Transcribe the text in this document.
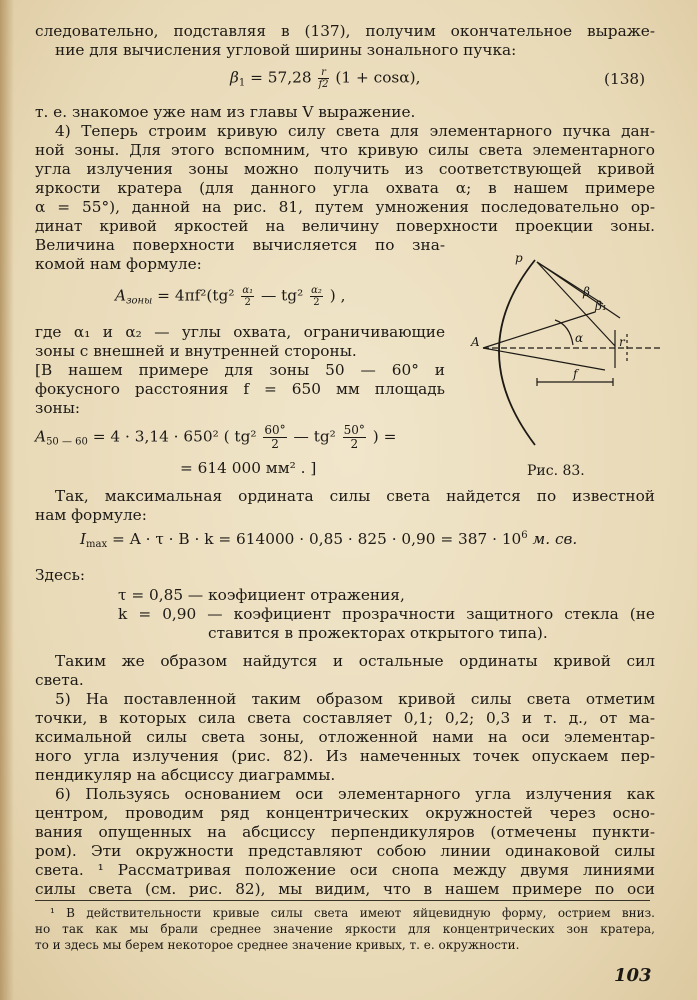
следовательно, подставляя в (137), получим окончательное выраже-
ние для вычисления угловой ширины зонального пучка:
$\beta_1 = 57,28 \frac{r}{f2} (1 + \cos\alpha)$,	(138)
т. е. знакомое уже нам из главы V выражение.
4) Теперь строим кривую силу света для элементарного пучка дан-
ной зоны. Для этого вспомним, что кривую силы света элементарного
угла излучения зоны можно получить из соответствующей кривой
яркости кратера (для данного угла охвата α; в нашем примере
α = 55°), данной на рис. 81, путем умножения последовательно ор-
динат кривой яркостей на величину поверхности проекции зоны.
Величина поверхности вычисляется по зна-
комой нам формуле:
$A_{зоны} = 4\pi f^2(tg^2 \frac{\text{α₁}}{2}$ — $tg^2 \frac{\text{α₂}}{2}$ ) ,
где α₁ и α₂ — углы охвата, ограничивающие
зоны с внешней и внутренней стороны.
[В нашем примере для зоны 50 — 60° и
фокусного расстояния f = 650 мм площадь
зоны:
$A_{50 — 60} = 4 \cdot 3,14 \cdot 650^2$ ( $tg^2 \frac{60^\circ}{2}$ — $tg^2 \frac{50^\circ}{2}$ ) =
= 614 000 мм² . ]
p
A
β
β₁
α	r
f
Рис. 83.
Так, максимальная ордината силы света найдется по известной
нам формуле:
$I_{max} = A \cdot \tau \cdot B \cdot k = 614000 \cdot 0,85 \cdot 825 \cdot 0,90 = 387 \cdot 10^6$ м. св.
Здесь:
τ = 0,85 — коэфициент отражения,
k = 0,90 — коэфициент прозрачности защитного стекла (не
ставится в прожекторах открытого типа).
Таким же образом найдутся и остальные ординаты кривой сил
света.
5) На поставленной таким образом кривой силы света отметим
точки, в которых сила света составляет 0,1; 0,2; 0,3 и т. д., от ма-
ксимальной силы света зоны, отложенной нами на оси элементар-
ного угла излучения (рис. 82). Из намеченных точек опускаем пер-
пендикуляр на абсциссу диаграммы.
6) Пользуясь основанием оси элементарного угла излучения как
центром, проводим ряд концентрических окружностей через осно-
вания опущенных на абсциссу перпендикуляров (отмечены пункти-
ром). Эти окружности представляют собою линии одинаковой силы
света. ¹ Рассматривая положение оси снопа между двумя линиями
силы света (см. рис. 82), мы видим, что в нашем примере по оси
¹ В действительности кривые силы света имеют яйцевидную форму, острием вниз.
но так как мы брали среднее значение яркости для концентрических зон кратера,
то и здесь мы берем некоторое среднее значение кривых, т. е. окружности.
103
